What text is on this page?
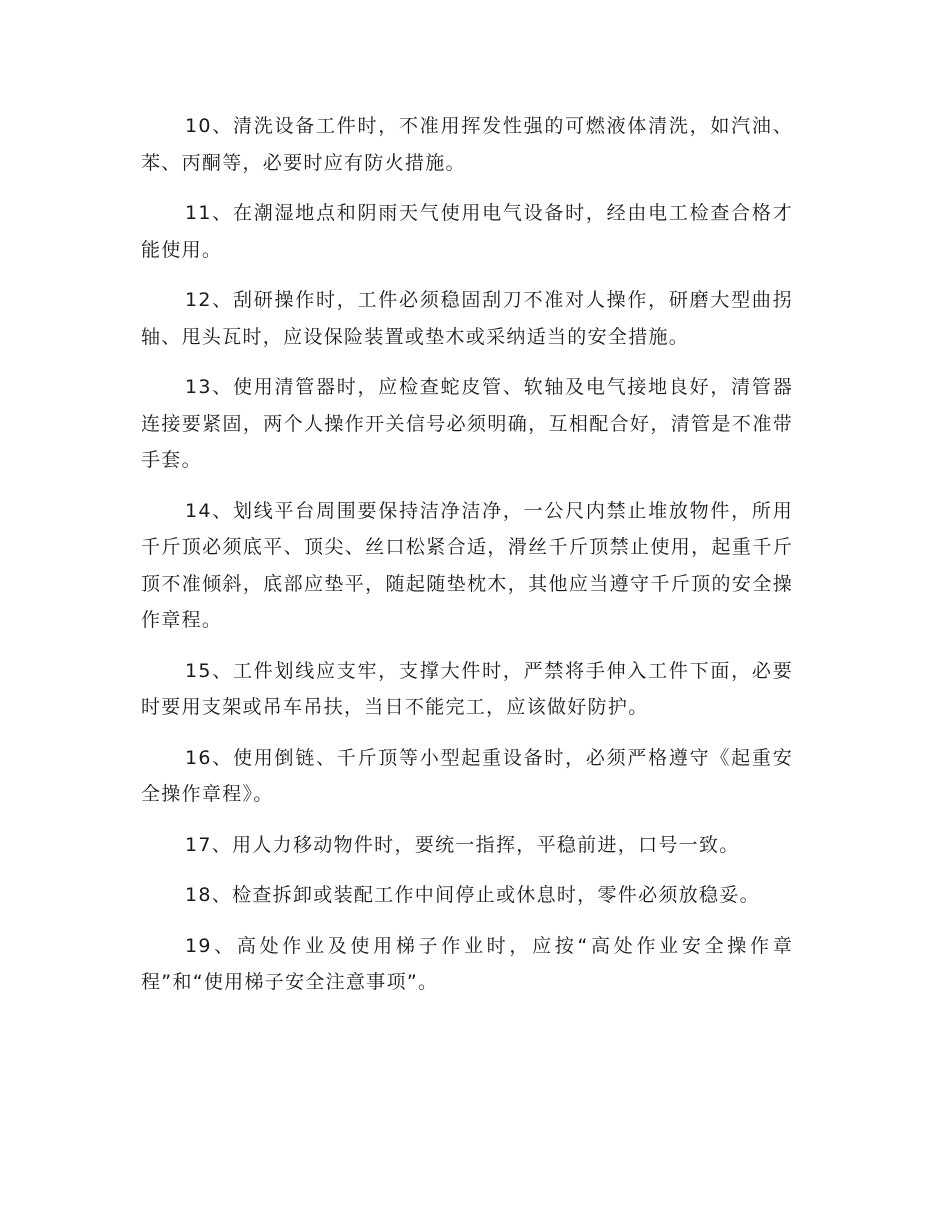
10、清洗设备工件时，不准用挥发性强的可燃液体清洗，如汽油、苯、丙酮等，必要时应有防火措施。

11、在潮湿地点和阴雨天气使用电气设备时，经由电工检查合格才能使用。

12、刮研操作时，工件必须稳固刮刀不准对人操作，研磨大型曲拐轴、甩头瓦时，应设保险装置或垫木或采纳适当的安全措施。

13、使用清管器时，应检查蛇皮管、软轴及电气接地良好，清管器连接要紧固，两个人操作开关信号必须明确，互相配合好，清管是不准带手套。

14、划线平台周围要保持洁净洁净，一公尺内禁止堆放物件，所用千斤顶必须底平、顶尖、丝口松紧合适，滑丝千斤顶禁止使用，起重千斤顶不准倾斜，底部应垫平，随起随垫枕木，其他应当遵守千斤顶的安全操作章程。

15、工件划线应支牢，支撑大件时，严禁将手伸入工件下面，必要时要用支架或吊车吊扶，当日不能完工，应该做好防护。

16、使用倒链、千斤顶等小型起重设备时，必须严格遵守《起重安全操作章程》。

17、用人力移动物件时，要统一指挥，平稳前进，口号一致。

18、检查拆卸或装配工作中间停止或休息时，零件必须放稳妥。

19、高处作业及使用梯子作业时，应按“高处作业安全操作章程”和“使用梯子安全注意事项”。
